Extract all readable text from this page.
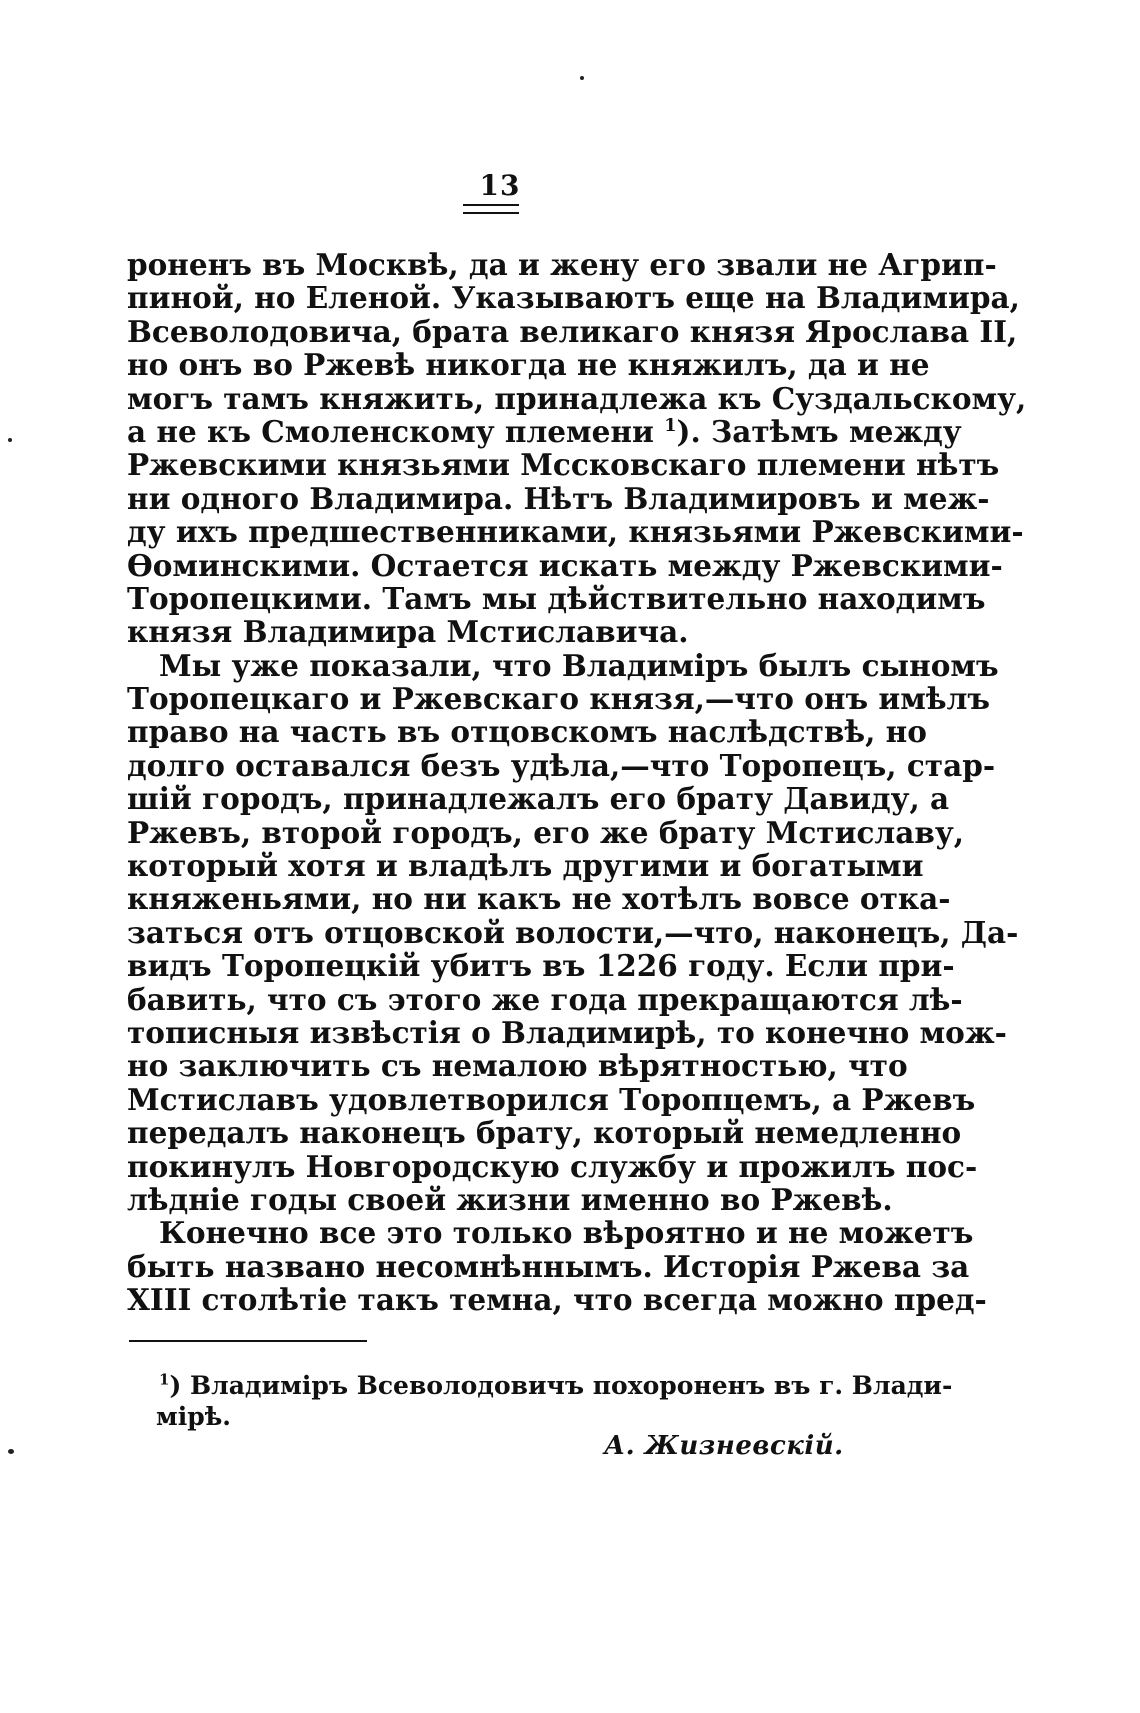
13
роненъ въ Москвѣ, да и жену его звали не Агрип-
пиной, но Еленой. Указываютъ еще на Владимира,
Всеволодовича, брата великаго князя Ярослава II,
но онъ во Ржевѣ никогда не княжилъ, да и не
могъ тамъ княжить, принадлежа къ Суздальскому,
а не къ Смоленскому племени $^1$). Затѣмъ между
Ржевскими князьями Мссковскаго племени нѣтъ
ни одного Владимира. Нѣтъ Владимировъ и меж-
ду ихъ предшественниками, князьями Ржевскими-
Ѳоминскими. Остается искать между Ржевскими-
Торопецкими. Тамъ мы дѣйствительно находимъ
князя Владимира Мстиславича.
Мы уже показали, что Владиміръ былъ сыномъ
Торопецкаго и Ржевскаго князя,—что онъ имѣлъ
право на часть въ отцовскомъ наслѣдствѣ, но
долго оставался безъ удѣла,—что Торопецъ, стар-
шій городъ, принадлежалъ его брату Давиду, а
Ржевъ, второй городъ, его же брату Мстиславу,
который хотя и владѣлъ другими и богатыми
княженьями, но ни какъ не хотѣлъ вовсе отка-
заться отъ отцовской волости,—что, наконецъ, Да-
видъ Торопецкій убитъ въ 1226 году. Если при-
бавить, что съ этого же года прекращаются лѣ-
тописныя извѣстія о Владимирѣ, то конечно мож-
но заключить съ немалою вѣрятностью, что
Мстиславъ удовлетворился Торопцемъ, а Ржевъ
передалъ наконецъ брату, который немедленно
покинулъ Новгородскую службу и прожилъ пос-
лѣдніе годы своей жизни именно во Ржевѣ.
Конечно все это только вѣроятно и не можетъ
быть названо несомнѣннымъ. Исторія Ржева за
XIII столѣтіе такъ темна, что всегда можно пред-
$^1$) Владиміръ Всеволодовичъ похороненъ въ г. Влади-
мірѣ.
А. Жизневскій.
